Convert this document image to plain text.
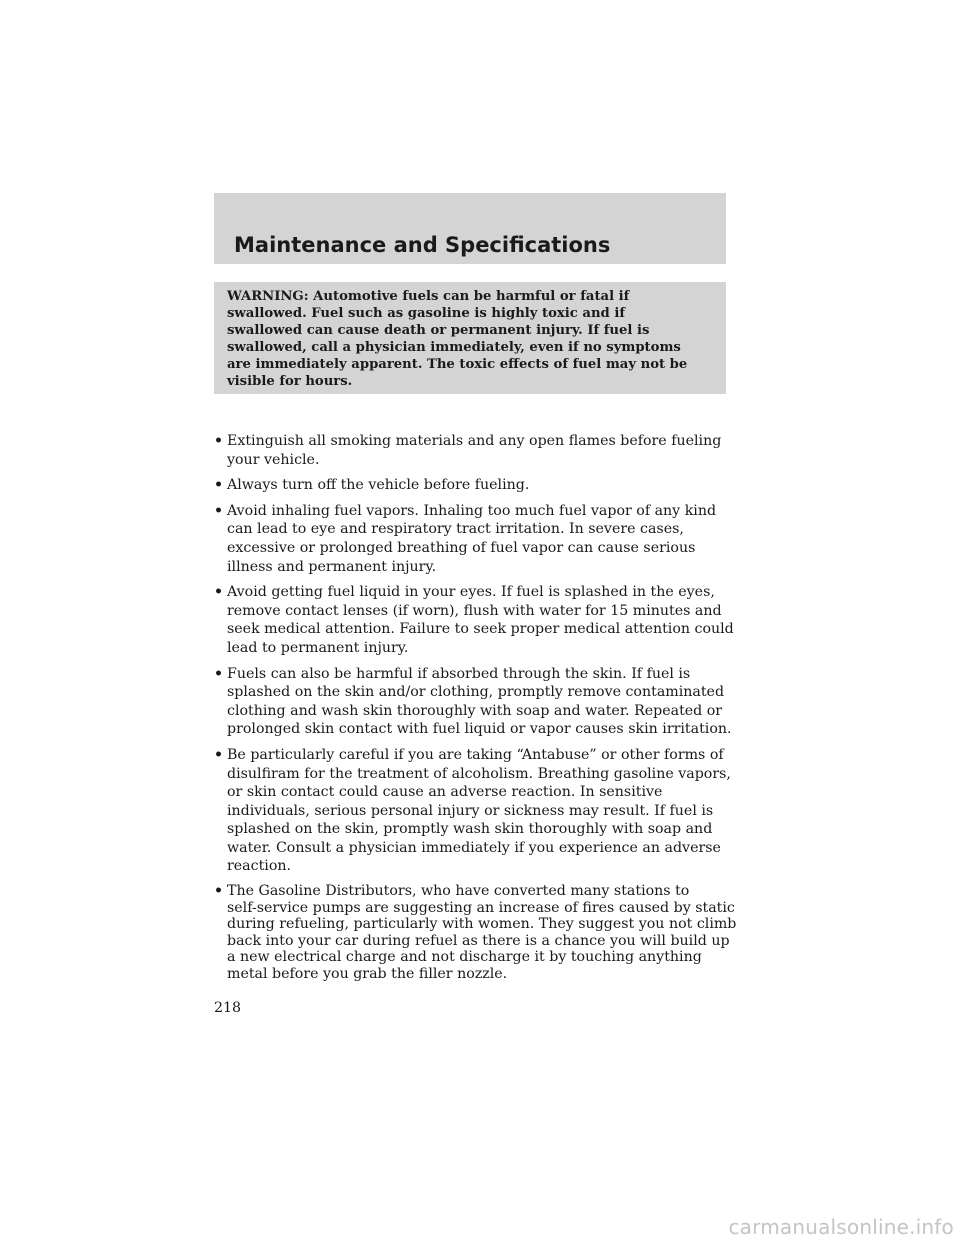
Maintenance and Specifications

WARNING: Automotive fuels can be harmful or fatal if
swallowed. Fuel such as gasoline is highly toxic and if
swallowed can cause death or permanent injury. If fuel is
swallowed, call a physician immediately, even if no symptoms
are immediately apparent. The toxic effects of fuel may not be
visible for hours.

• Extinguish all smoking materials and any open flames before fueling
your vehicle.
• Always turn off the vehicle before fueling.
• Avoid inhaling fuel vapors. Inhaling too much fuel vapor of any kind
can lead to eye and respiratory tract irritation. In severe cases,
excessive or prolonged breathing of fuel vapor can cause serious
illness and permanent injury.
• Avoid getting fuel liquid in your eyes. If fuel is splashed in the eyes,
remove contact lenses (if worn), flush with water for 15 minutes and
seek medical attention. Failure to seek proper medical attention could
lead to permanent injury.
• Fuels can also be harmful if absorbed through the skin. If fuel is
splashed on the skin and/or clothing, promptly remove contaminated
clothing and wash skin thoroughly with soap and water. Repeated or
prolonged skin contact with fuel liquid or vapor causes skin irritation.
• Be particularly careful if you are taking “Antabuse” or other forms of
disulfiram for the treatment of alcoholism. Breathing gasoline vapors,
or skin contact could cause an adverse reaction. In sensitive
individuals, serious personal injury or sickness may result. If fuel is
splashed on the skin, promptly wash skin thoroughly with soap and
water. Consult a physician immediately if you experience an adverse
reaction.
• The Gasoline Distributors, who have converted many stations to
self-service pumps are suggesting an increase of fires caused by static
during refueling, particularly with women. They suggest you not climb
back into your car during refuel as there is a chance you will build up
a new electrical charge and not discharge it by touching anything
metal before you grab the filler nozzle.

218

carmanualsonline.info
